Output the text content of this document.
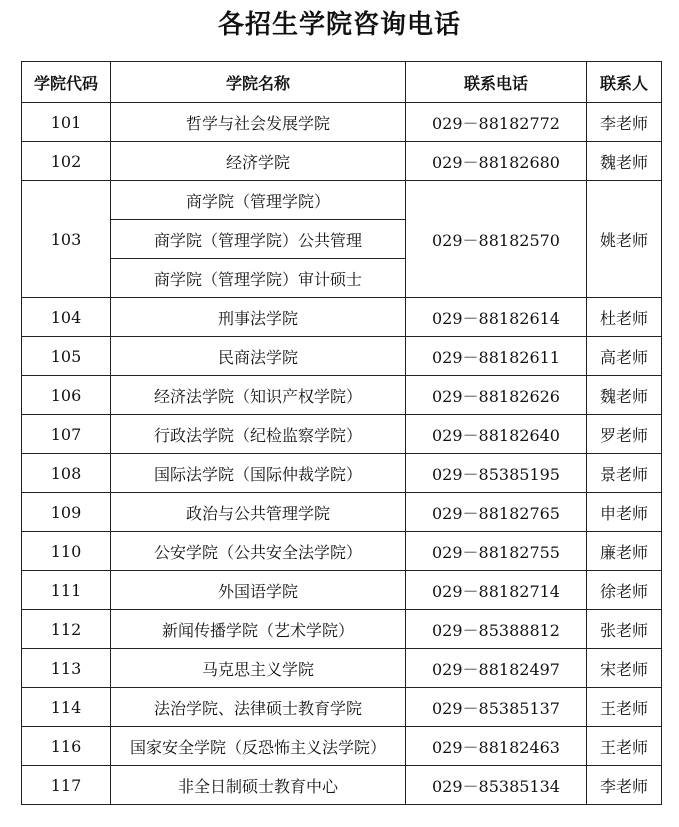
各招生学院咨询电话
学院代码	学院名称	联系电话	联系人
101	哲学与社会发展学院	029－88182772	李老师
102	经济学院	029－88182680	魏老师
103	商学院（管理学院）	029－88182570	姚老师
	商学院（管理学院）公共管理		
	商学院（管理学院）审计硕士		
104	刑事法学院	029－88182614	杜老师
105	民商法学院	029－88182611	高老师
106	经济法学院（知识产权学院）	029－88182626	魏老师
107	行政法学院（纪检监察学院）	029－88182640	罗老师
108	国际法学院（国际仲裁学院）	029－85385195	景老师
109	政治与公共管理学院	029－88182765	申老师
110	公安学院（公共安全法学院）	029－88182755	廉老师
111	外国语学院	029－88182714	徐老师
112	新闻传播学院（艺术学院）	029－85388812	张老师
113	马克思主义学院	029－88182497	宋老师
114	法治学院、法律硕士教育学院	029－85385137	王老师
116	国家安全学院（反恐怖主义法学院）	029－88182463	王老师
117	非全日制硕士教育中心	029－85385134	李老师
